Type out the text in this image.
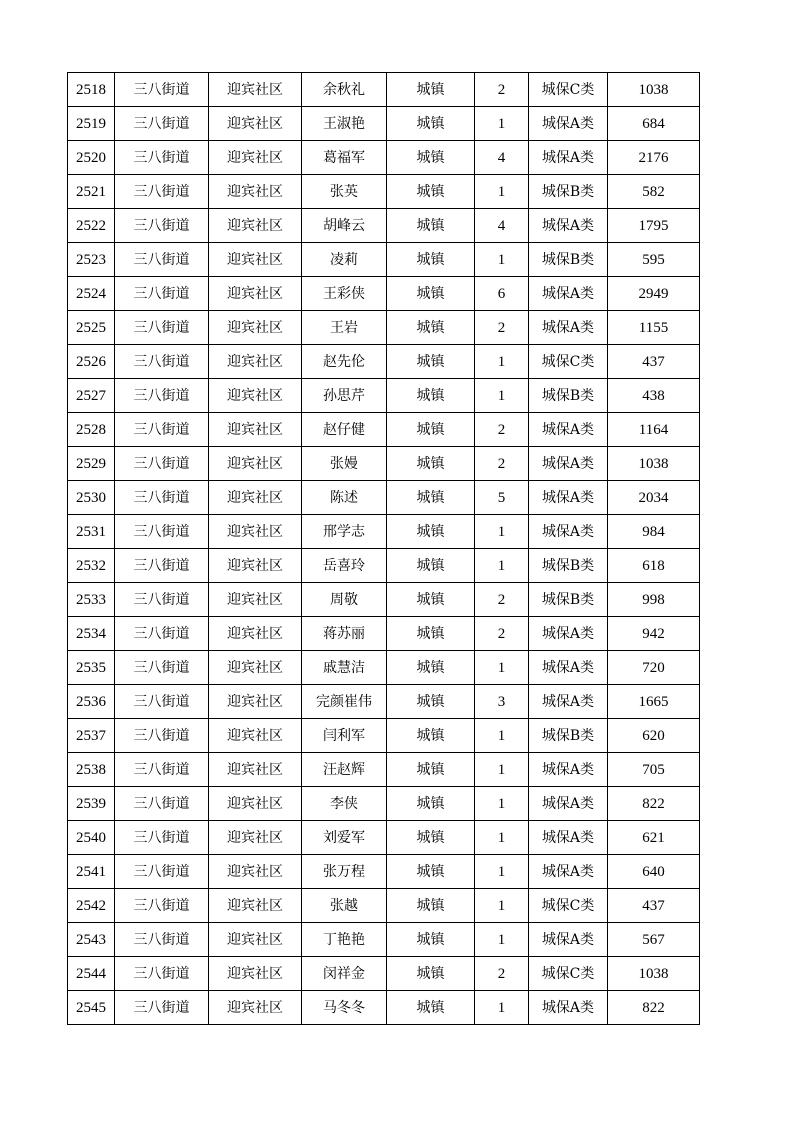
2518	三八街道	迎宾社区	余秋礼	城镇	2	城保C类	1038
2519	三八街道	迎宾社区	王淑艳	城镇	1	城保A类	684
2520	三八街道	迎宾社区	葛福军	城镇	4	城保A类	2176
2521	三八街道	迎宾社区	张英	城镇	1	城保B类	582
2522	三八街道	迎宾社区	胡峰云	城镇	4	城保A类	1795
2523	三八街道	迎宾社区	凌莉	城镇	1	城保B类	595
2524	三八街道	迎宾社区	王彩侠	城镇	6	城保A类	2949
2525	三八街道	迎宾社区	王岩	城镇	2	城保A类	1155
2526	三八街道	迎宾社区	赵先伦	城镇	1	城保C类	437
2527	三八街道	迎宾社区	孙思芹	城镇	1	城保B类	438
2528	三八街道	迎宾社区	赵仔健	城镇	2	城保A类	1164
2529	三八街道	迎宾社区	张嫚	城镇	2	城保A类	1038
2530	三八街道	迎宾社区	陈述	城镇	5	城保A类	2034
2531	三八街道	迎宾社区	邢学志	城镇	1	城保A类	984
2532	三八街道	迎宾社区	岳喜玲	城镇	1	城保B类	618
2533	三八街道	迎宾社区	周敬	城镇	2	城保B类	998
2534	三八街道	迎宾社区	蒋苏丽	城镇	2	城保A类	942
2535	三八街道	迎宾社区	戚慧洁	城镇	1	城保A类	720
2536	三八街道	迎宾社区	完颜崔伟	城镇	3	城保A类	1665
2537	三八街道	迎宾社区	闫利军	城镇	1	城保B类	620
2538	三八街道	迎宾社区	汪赵辉	城镇	1	城保A类	705
2539	三八街道	迎宾社区	李侠	城镇	1	城保A类	822
2540	三八街道	迎宾社区	刘爱军	城镇	1	城保A类	621
2541	三八街道	迎宾社区	张万程	城镇	1	城保A类	640
2542	三八街道	迎宾社区	张越	城镇	1	城保C类	437
2543	三八街道	迎宾社区	丁艳艳	城镇	1	城保A类	567
2544	三八街道	迎宾社区	闵祥金	城镇	2	城保C类	1038
2545	三八街道	迎宾社区	马冬冬	城镇	1	城保A类	822
